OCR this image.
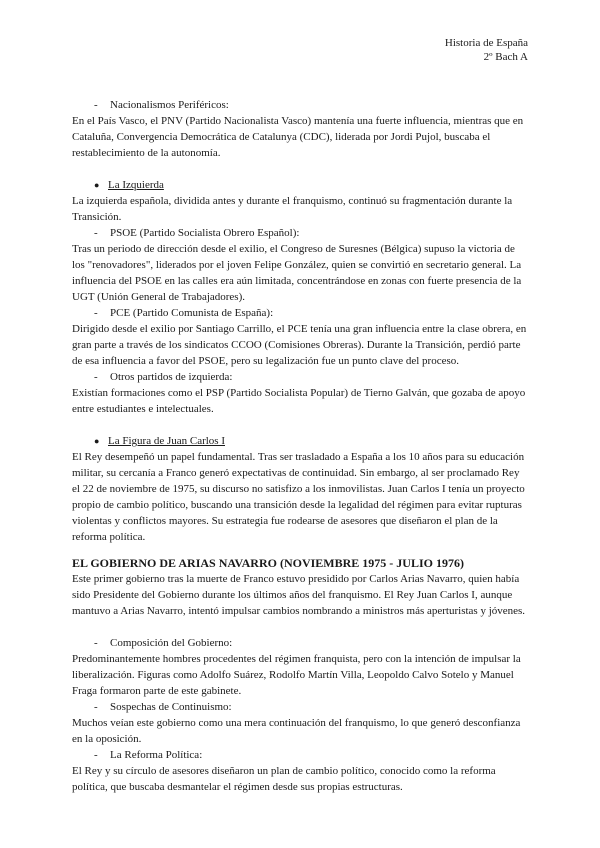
Historia de España
2º Bach A

- Nacionalismos Periféricos:

En el País Vasco, el PNV (Partido Nacionalista Vasco) mantenía una fuerte influencia, mientras que en Cataluña, Convergencia Democrática de Catalunya (CDC), liderada por Jordi Pujol, buscaba el restablecimiento de la autonomía.

● La Izquierda

La izquierda española, dividida antes y durante el franquismo, continuó su fragmentación durante la Transición.

- PSOE (Partido Socialista Obrero Español):

Tras un periodo de dirección desde el exilio, el Congreso de Suresnes (Bélgica) supuso la victoria de los "renovadores", liderados por el joven Felipe González, quien se convirtió en secretario general. La influencia del PSOE en las calles era aún limitada, concentrándose en zonas con fuerte presencia de la UGT (Unión General de Trabajadores).

- PCE (Partido Comunista de España):

Dirigido desde el exilio por Santiago Carrillo, el PCE tenía una gran influencia entre la clase obrera, en gran parte a través de los sindicatos CCOO (Comisiones Obreras). Durante la Transición, perdió parte de esa influencia a favor del PSOE, pero su legalización fue un punto clave del proceso.

- Otros partidos de izquierda:

Existían formaciones como el PSP (Partido Socialista Popular) de Tierno Galván, que gozaba de apoyo entre estudiantes e intelectuales.

● La Figura de Juan Carlos I

El Rey desempeñó un papel fundamental. Tras ser trasladado a España a los 10 años para su educación militar, su cercanía a Franco generó expectativas de continuidad. Sin embargo, al ser proclamado Rey el 22 de noviembre de 1975, su discurso no satisfizo a los inmovilistas. Juan Carlos I tenía un proyecto propio de cambio político, buscando una transición desde la legalidad del régimen para evitar rupturas violentas y conflictos mayores. Su estrategia fue rodearse de asesores que diseñaron el plan de la reforma política.

EL GOBIERNO DE ARIAS NAVARRO (NOVIEMBRE 1975 - JULIO 1976)

Este primer gobierno tras la muerte de Franco estuvo presidido por Carlos Arias Navarro, quien había sido Presidente del Gobierno durante los últimos años del franquismo. El Rey Juan Carlos I, aunque mantuvo a Arias Navarro, intentó impulsar cambios nombrando a ministros más aperturistas y jóvenes.

- Composición del Gobierno:

Predominantemente hombres procedentes del régimen franquista, pero con la intención de impulsar la liberalización. Figuras como Adolfo Suárez, Rodolfo Martín Villa, Leopoldo Calvo Sotelo y Manuel Fraga formaron parte de este gabinete.

- Sospechas de Continuismo:

Muchos veían este gobierno como una mera continuación del franquismo, lo que generó desconfianza en la oposición.

- La Reforma Política:

El Rey y su círculo de asesores diseñaron un plan de cambio político, conocido como la reforma política, que buscaba desmantelar el régimen desde sus propias estructuras.
